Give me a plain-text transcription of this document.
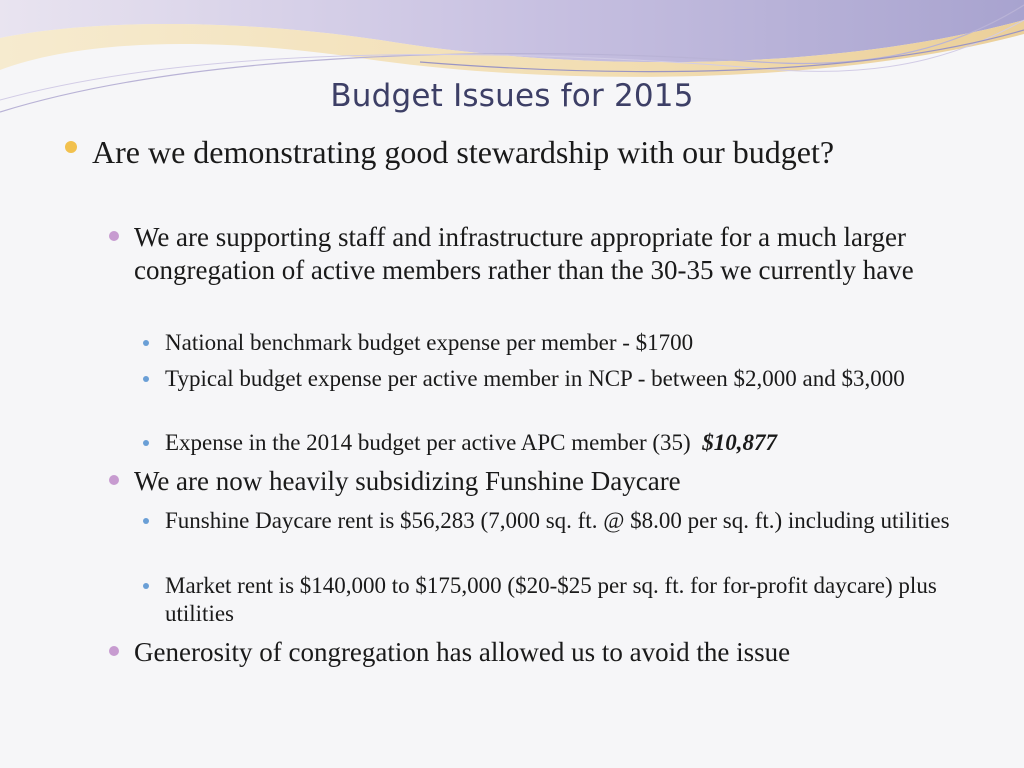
Budget Issues for 2015
Are we demonstrating good stewardship with our budget?
We are supporting staff and infrastructure appropriate for a much larger congregation of active members rather than the 30-35 we currently have
National benchmark budget expense per member - $1700
Typical budget expense per active member in NCP - between $2,000 and $3,000
Expense in the 2014 budget per active APC member (35) $10,877
We are now heavily subsidizing Funshine Daycare
Funshine Daycare rent is $56,283 (7,000 sq. ft. @ $8.00 per sq. ft.) including utilities
Market rent is $140,000 to $175,000 ($20-$25 per sq. ft. for for-profit daycare) plus utilities
Generosity of congregation has allowed us to avoid the issue
